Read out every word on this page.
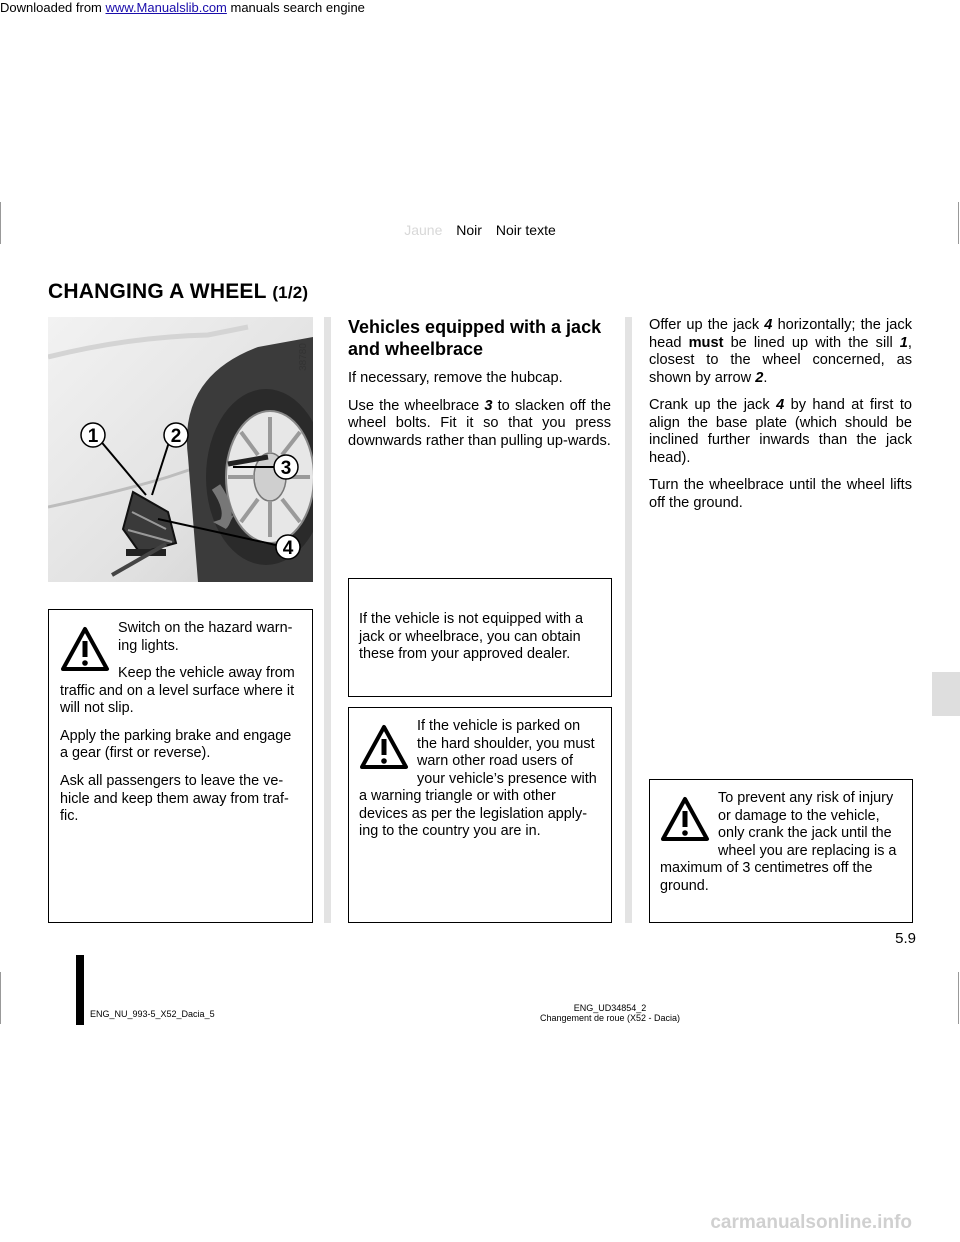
Downloaded from www.Manualslib.com manuals search engine
Jaune Noir Noir texte
CHANGING A WHEEL (1/2)
1	2
3
4
38780

Switch on the hazard warn-ing lights.

Keep the vehicle away from traffic and on a level surface where it will not slip.

Apply the parking brake and engage a gear (first or reverse).

Ask all passengers to leave the ve-hicle and keep them away from traf-fic.

Vehicles equipped with a jack and wheelbrace

If necessary, remove the hubcap.

Use the wheelbrace 3 to slacken off the wheel bolts. Fit it so that you press downwards rather than pulling up-wards.

If the vehicle is not equipped with a jack or wheelbrace, you can obtain these from your approved dealer.

If the vehicle is parked on the hard shoulder, you must warn other road users of your vehicle’s presence with a warning triangle or with other devices as per the legislation apply-ing to the country you are in.

Offer up the jack 4 horizontally; the jack head must be lined up with the sill 1, closest to the wheel concerned, as shown by arrow 2.

Crank up the jack 4 by hand at first to align the base plate (which should be inclined further inwards than the jack head).

Turn the wheelbrace until the wheel lifts off the ground.

To prevent any risk of injury or damage to the vehicle, only crank the jack until the wheel you are replacing is a maximum of 3 centimetres off the ground.

5.9
ENG_NU_993-5_X52_Dacia_5
ENG_UD34854_2
Changement de roue (X52 - Dacia)
carmanualsonline.info
